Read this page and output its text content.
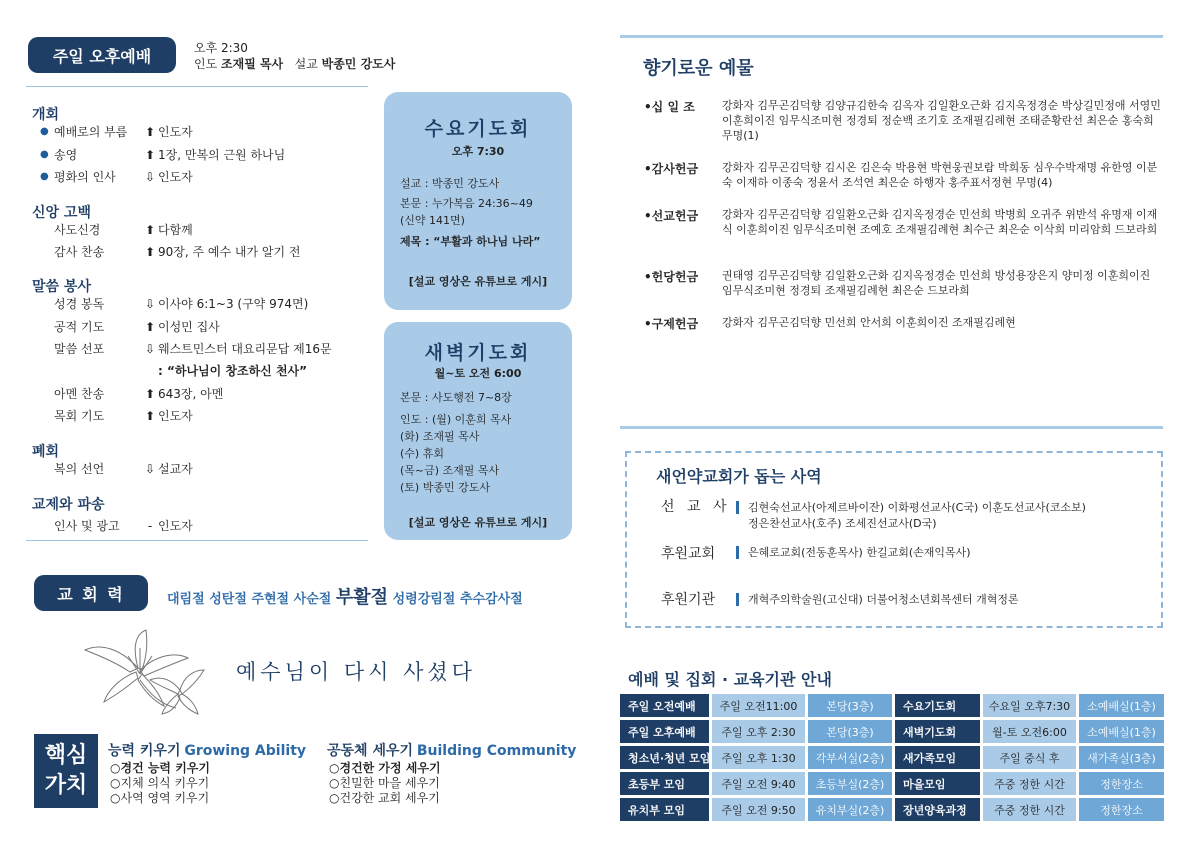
주일 오후예배	오후 2:30
인도 조재필 목사 설교 박종민 강도사
개회
● 예배로의 부름	⬆ 인도자
● 송영	⬆ 1장, 만복의 근원 하나님
● 평화의 인사	⇩ 인도자
신앙 고백
사도신경	⬆ 다함께
감사 찬송	⬆ 90장, 주 예수 내가 알기 전
말씀 봉사
성경 봉독	⇩ 이사야 6:1~3 (구약 974면)
공적 기도	⬆ 이성민 집사
말씀 선포	⇩ 웨스트민스터 대요리문답 제16문
: “하나님이 창조하신 천사”
아멘 찬송	⬆ 643장, 아멘
목회 기도	⬆ 인도자
폐회
복의 선언	⇩ 설교자
교제와 파송
인사 및 광고	- 인도자
수요기도회
오후 7:30
설교 : 박종민 강도사
본문 : 누가복음 24:36~49
(신약 141면)
제목 : “부활과 하나님 나라”
[설교 영상은 유튜브로 게시]
새벽기도회
월~토 오전 6:00
본문 : 사도행전 7~8장
인도 : (월) 이훈희 목사
(화) 조재필 목사
(수) 휴회
(목~금) 조재필 목사
(토) 박종민 강도사
[설교 영상은 유튜브로 게시]
교 회 력	대림절 성탄절 주현절 사순절 부활절 성령강림절 추수감사절
예수님이 다시 사셨다
핵심
가치
능력 키우기 Growing Ability
○경건 능력 키우기
○지체 의식 키우기
○사역 영역 키우기
공동체 세우기 Building Community
○경건한 가정 세우기
○친밀한 마을 세우기
○건강한 교회 세우기
향기로운 예물
•십 일 조 강화자 김무곤김덕향 김양규김한숙 김옥자 김일환오근화 김지옥정경순 박상길민정애 서영민 이훈희이진 임무식조미현 정경퇴 정순백 조기호 조재필김례현 조태준황란선 최은순 홍숙희 무명(1)
•감사헌금 강화자 김무곤김덕향 김시온 김은숙 박용현 박현웅권보람 박희동 심우수박재명 유한영 이분숙 이재하 이종숙 정윤서 조석연 최은순 하행자 홍주표서정현 무명(4)
•선교헌금 강화자 김무곤김덕향 김일환오근화 김지옥정경순 민선희 박병희 오귀주 위반석 유명재 이재식 이훈희이진 임무식조미현 조예호 조재필김례현 최수근 최은순 이삭희 미리암희 드보라희
•헌당헌금 권태영 김무곤김덕향 김일환오근화 김지옥정경순 민선희 방성용장은지 양미정 이훈희이진 임무식조미현 정경퇴 조재필김례현 최은순 드보라희
•구제헌금 강화자 김무곤김덕향 민선희 안서희 이훈희이진 조재필김례현
새언약교회가 돕는 사역
선 교 사 김현숙선교사(아제르바이잔) 이화평선교사(C국) 이훈도선교사(코소보)
정은찬선교사(호주) 조세진선교사(D국)
후원교회	은혜로교회(전동훈목사) 한길교회(손재익목사)
후원기관	개혁주의학술원(고신대) 더불어청소년회복센터 개혁정론
예배 및 집회 · 교육기관 안내
주일 오전예배	주일 오전11:00	본당(3층)	수요기도회	수요일 오후7:30	소예배실(1층)
주일 오후예배	주일 오후 2:30	본당(3층)	새벽기도회	월-토 오전6:00	소예배실(1층)
청소년·청년 모임	주일 오후 1:30	각부서실(2층)	새가족모임	주일 중식 후	새가족실(3층)
초등부 모임	주일 오전 9:40	초등부실(2층)	마을모임	주중 정한 시간	정한장소
유치부 모임	주일 오전 9:50	유치부실(2층)	장년양육과정	주중 정한 시간	정한장소
